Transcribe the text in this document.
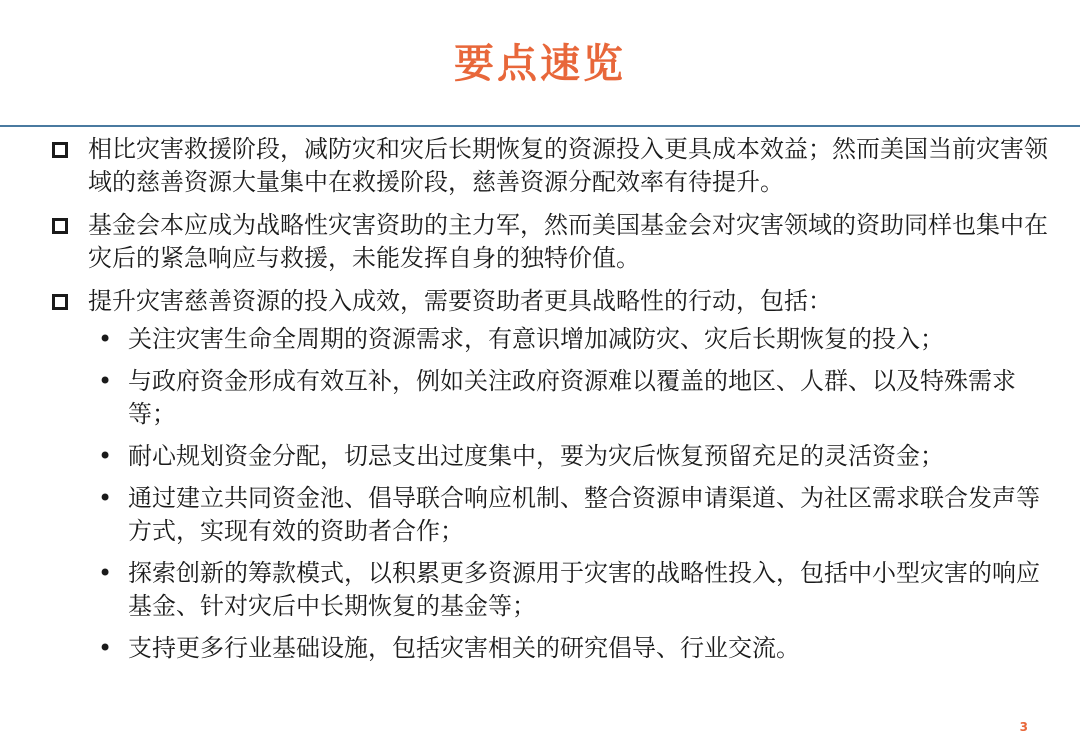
要点速览
相比灾害救援阶段，减防灾和灾后长期恢复的资源投入更具成本效益；然而美国当前灾害领域的慈善资源大量集中在救援阶段，慈善资源分配效率有待提升。
基金会本应成为战略性灾害资助的主力军，然而美国基金会对灾害领域的资助同样也集中在灾后的紧急响应与救援，未能发挥自身的独特价值。
提升灾害慈善资源的投入成效，需要资助者更具战略性的行动，包括：
• 关注灾害生命全周期的资源需求，有意识增加减防灾、灾后长期恢复的投入；
• 与政府资金形成有效互补，例如关注政府资源难以覆盖的地区、人群、以及特殊需求等；
• 耐心规划资金分配，切忌支出过度集中，要为灾后恢复预留充足的灵活资金；
• 通过建立共同资金池、倡导联合响应机制、整合资源申请渠道、为社区需求联合发声等方式，实现有效的资助者合作；
• 探索创新的筹款模式，以积累更多资源用于灾害的战略性投入，包括中小型灾害的响应基金、针对灾后中长期恢复的基金等；
• 支持更多行业基础设施，包括灾害相关的研究倡导、行业交流。
3
